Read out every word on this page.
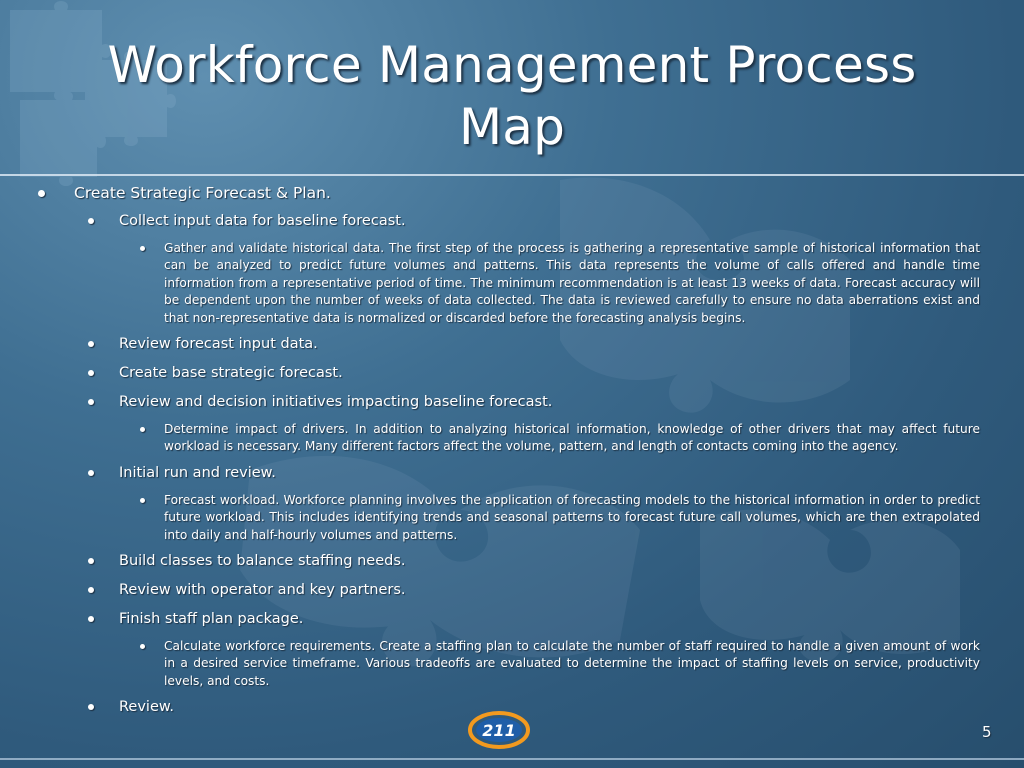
Workforce Management Process
Map
Create Strategic Forecast & Plan.
Collect input data for baseline forecast.
Gather and validate historical data. The first step of the process is gathering a representative sample of historical information that can be analyzed to predict future volumes and patterns. This data represents the volume of calls offered and handle time information from a representative period of time. The minimum recommendation is at least 13 weeks of data. Forecast accuracy will be dependent upon the number of weeks of data collected. The data is reviewed carefully to ensure no data aberrations exist and that non-representative data is normalized or discarded before the forecasting analysis begins.
Review forecast input data.
Create base strategic forecast.
Review and decision initiatives impacting baseline forecast.
Determine impact of drivers. In addition to analyzing historical information, knowledge of other drivers that may affect future workload is necessary. Many different factors affect the volume, pattern, and length of contacts coming into the agency.
Initial run and review.
Forecast workload. Workforce planning involves the application of forecasting models to the historical information in order to predict future workload. This includes identifying trends and seasonal patterns to forecast future call volumes, which are then extrapolated into daily and half-hourly volumes and patterns.
Build classes to balance staffing needs.
Review with operator and key partners.
Finish staff plan package.
Calculate workforce requirements. Create a staffing plan to calculate the number of staff required to handle a given amount of work in a desired service timeframe. Various tradeoffs are evaluated to determine the impact of staffing levels on service, productivity levels, and costs.
Review.
211	5
